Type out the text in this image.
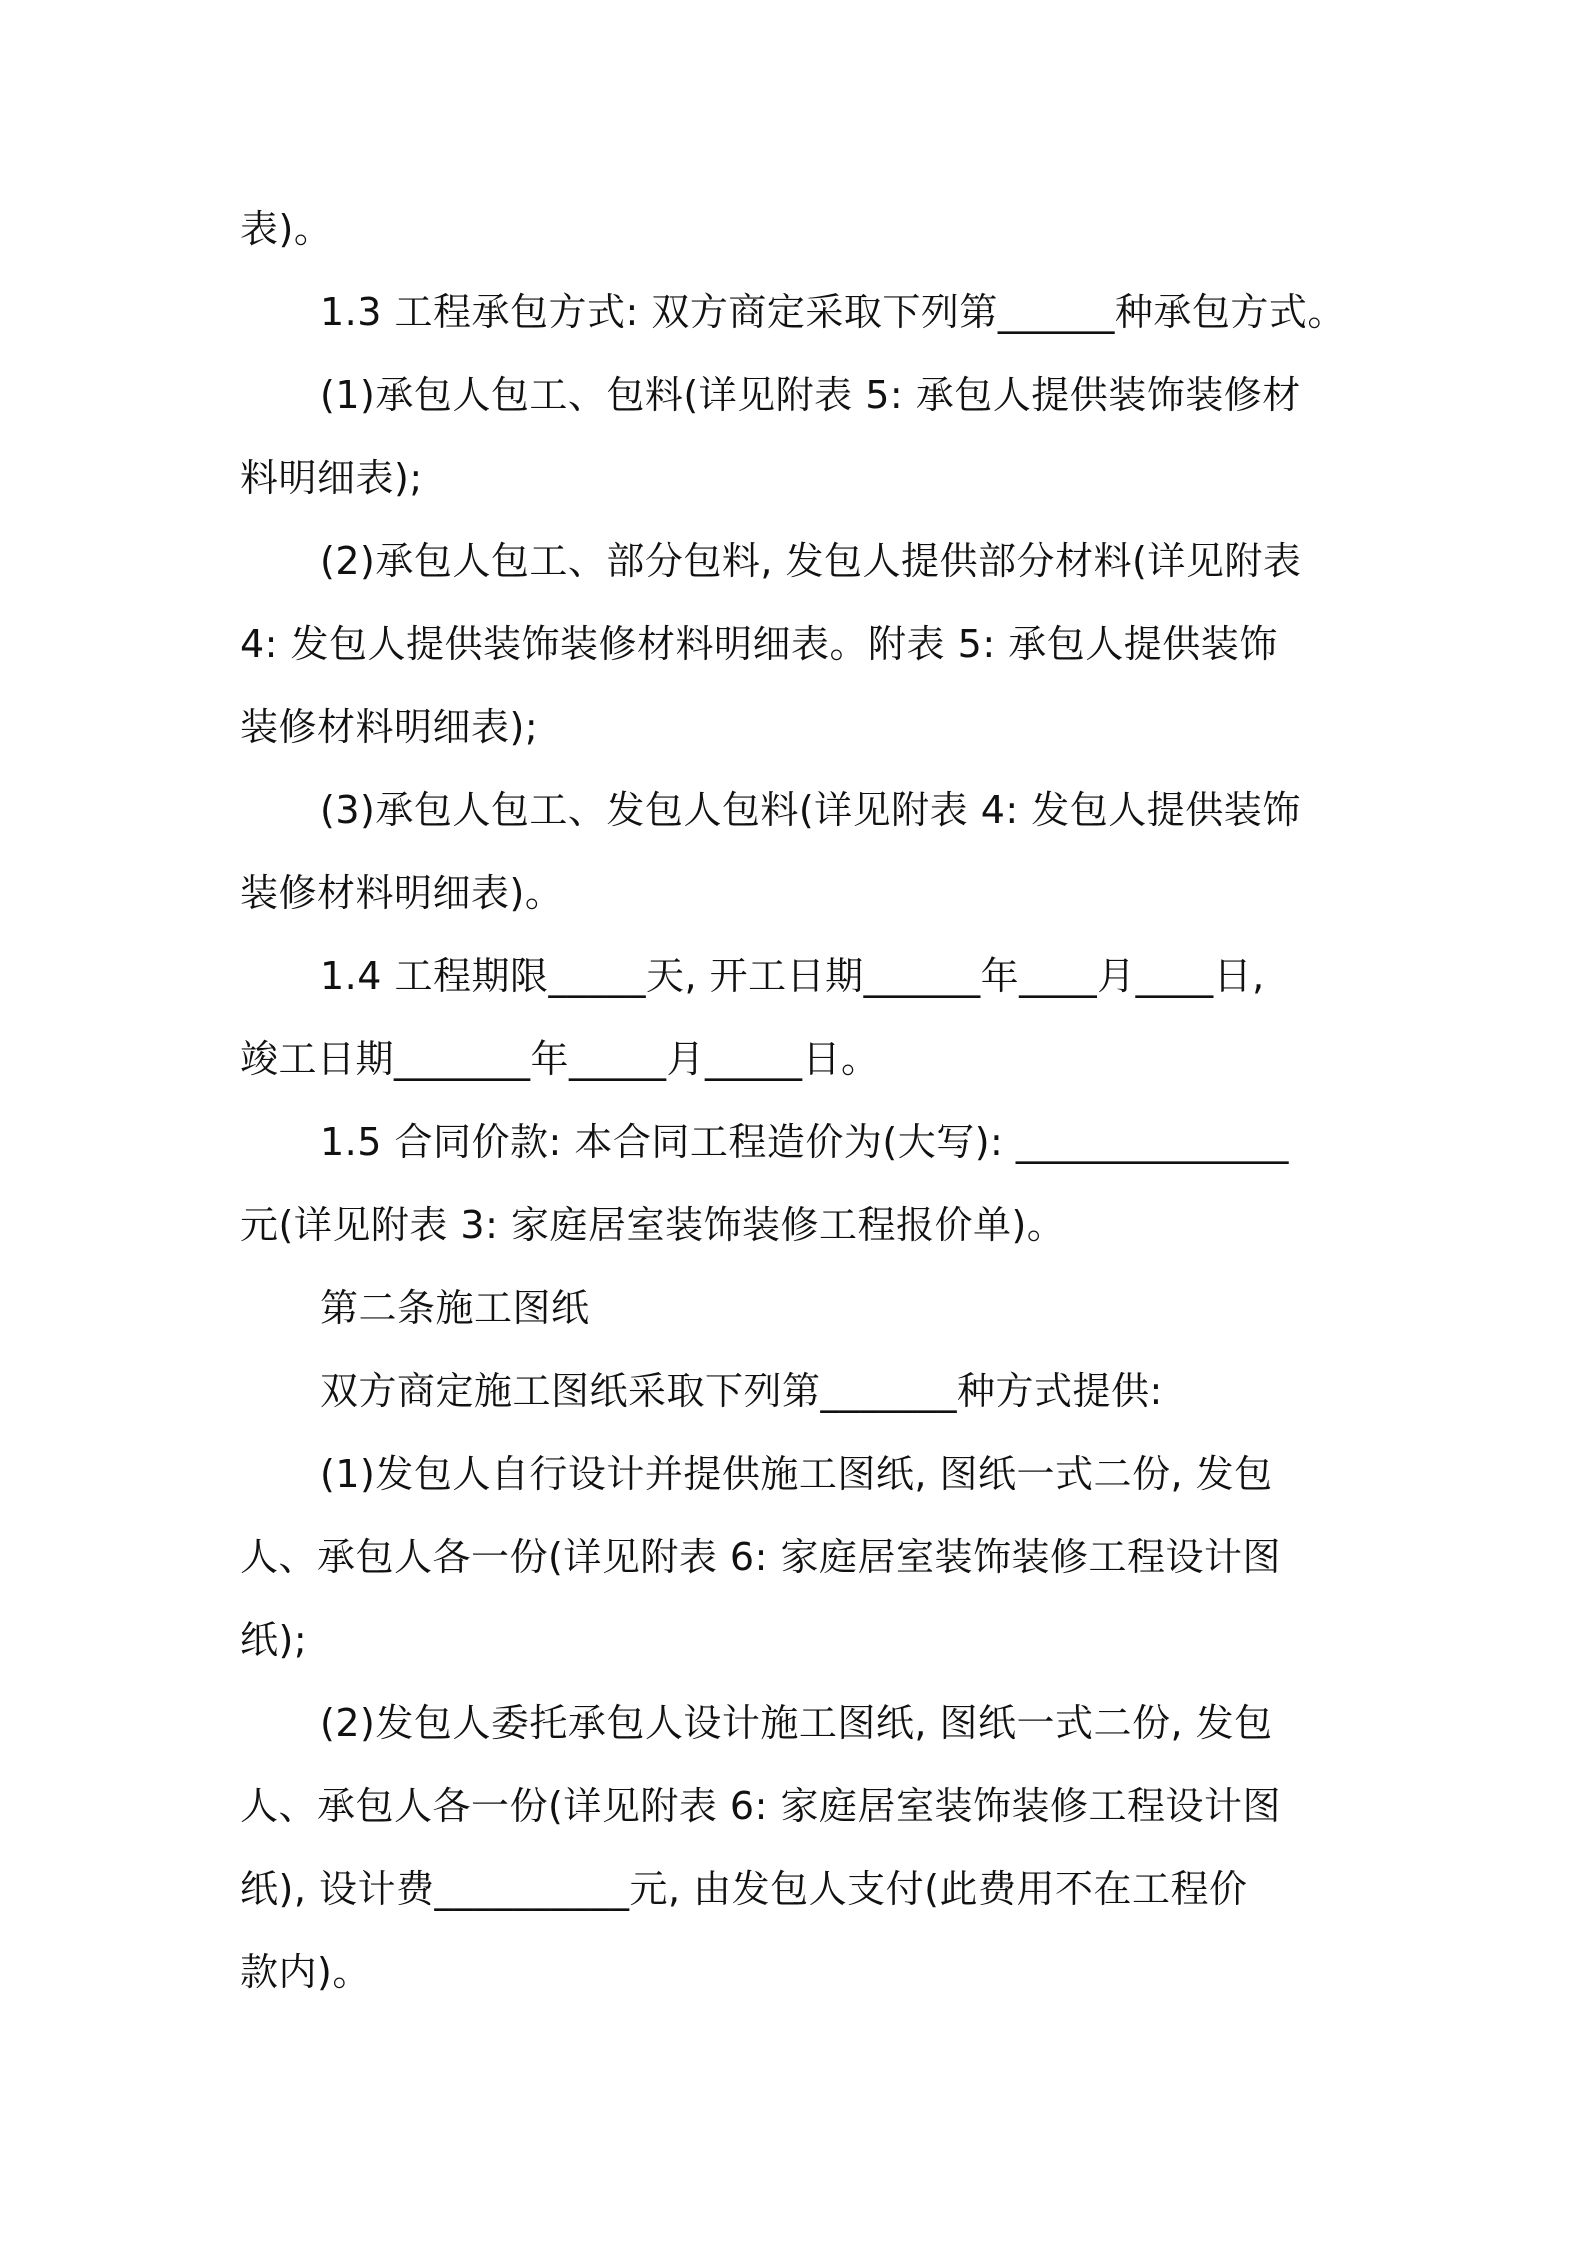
表)。
1.3 工程承包方式: 双方商定采取下列第______种承包方式。
(1)承包人包工、包料(详见附表 5: 承包人提供装饰装修材
料明细表);
(2)承包人包工、部分包料, 发包人提供部分材料(详见附表
4: 发包人提供装饰装修材料明细表。附表 5: 承包人提供装饰
装修材料明细表);
(3)承包人包工、发包人包料(详见附表 4: 发包人提供装饰
装修材料明细表)。
1.4 工程期限_____天, 开工日期______年____月____日,
竣工日期_______年_____月_____日。
1.5 合同价款: 本合同工程造价为(大写): ______________
元(详见附表 3: 家庭居室装饰装修工程报价单)。
第二条施工图纸
双方商定施工图纸采取下列第_______种方式提供:
(1)发包人自行设计并提供施工图纸, 图纸一式二份, 发包
人、承包人各一份(详见附表 6: 家庭居室装饰装修工程设计图
纸);
(2)发包人委托承包人设计施工图纸, 图纸一式二份, 发包
人、承包人各一份(详见附表 6: 家庭居室装饰装修工程设计图
纸), 设计费__________元, 由发包人支付(此费用不在工程价
款内)。
